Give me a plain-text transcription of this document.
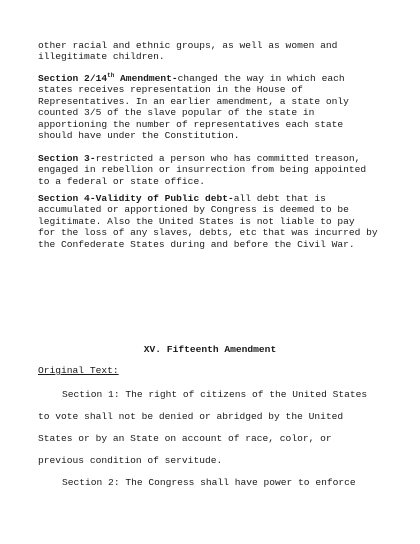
other racial and ethnic groups, as well as women and
illegitimate children.

Section 2/14th Amendment-changed the way in which each
states receives representation in the House of
Representatives. In an earlier amendment, a state only
counted 3/5 of the slave popular of the state in
apportioning the number of representatives each state
should have under the Constitution.

Section 3-restricted a person who has committed treason,
engaged in rebellion or insurrection from being appointed
to a federal or state office.

Section 4-Validity of Public debt-all debt that is
accumulated or apportioned by Congress is deemed to be
legitimate. Also the United States is not liable to pay
for the loss of any slaves, debts, etc that was incurred by
the Confederate States during and before the Civil War.

XV. Fifteenth Amendment
Original Text:
Section 1: The right of citizens of the United States
to vote shall not be denied or abridged by the United
States or by an State on account of race, color, or
previous condition of servitude.
Section 2: The Congress shall have power to enforce
